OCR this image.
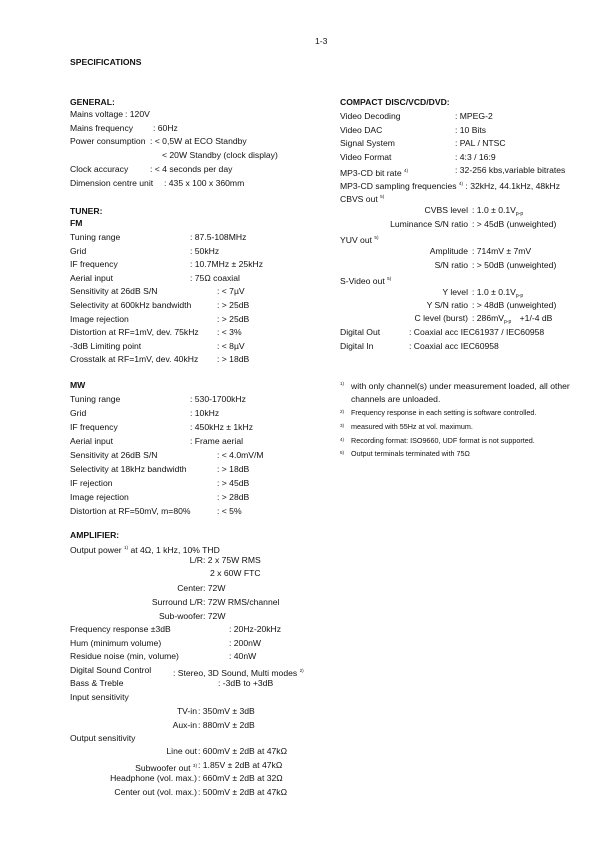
1-3
SPECIFICATIONS
GENERAL:
Mains voltage : 120V
Mains frequency : 60Hz
Power consumption : < 0,5W at ECO Standby
< 20W Standby (clock display)
Clock accuracy	: < 4 seconds per day
Dimension centre unit : 435 x 100 x 360mm
TUNER:
FM
Tuning range	: 87.5-108MHz
Grid	: 50kHz
IF frequency	: 10.7MHz ± 25kHz
Aerial input	: 75Ω coaxial
Sensitivity at 26dB S/N	: < 7µV
Selectivity at 600kHz bandwidth	: > 25dB
Image rejection	: > 25dB
Distortion at RF=1mV, dev. 75kHz : < 3%
-3dB Limiting point	: < 8µV
Crosstalk at RF=1mV, dev. 40kHz : > 18dB
MW
Tuning range	: 530-1700kHz
Grid	: 10kHz
IF frequency	: 450kHz ± 1kHz
Aerial input	: Frame aerial
Sensitivity at 26dB S/N	: < 4.0mV/M
Selectivity at 18kHz bandwidth	: > 18dB
IF rejection	: > 45dB
Image rejection	: > 28dB
Distortion at RF=50mV, m=80%	: < 5%
AMPLIFIER:
Output power $^{1)}$ at 4Ω, 1 kHz, 10% THD
L/R : 2 x 75W RMS
2 x 60W FTC
Center : 72W
Surround L/R : 72W RMS/channel
Sub-woofer : 72W
Frequency response ±3dB	: 20Hz-20kHz
Hum (minimum volume)	: 200nW
Residue noise (min, volume)	: 40nW
Digital Sound Control	: Stereo, 3D Sound, Multi modes $^{2)}$
Bass & Treble	: -3dB to +3dB
Input sensitivity
TV-in : 350mV ± 3dB
Aux-in : 880mV ± 2dB
Output sensitivity
Line out : 600mV ± 2dB at 47kΩ
Subwoofer out $^{3)}$ : 1.85V ± 2dB at 47kΩ
Headphone (vol. max.) : 660mV ± 2dB at 32Ω
Center out (vol. max.) : 500mV ± 2dB at 47kΩ
COMPACT DISC/VCD/DVD:
Video Decoding	: MPEG-2
Video DAC	: 10 Bits
Signal System	: PAL / NTSC
Video Format	: 4:3 / 16:9
MP3-CD bit rate $^{4)}$	: 32-256 kbs,variable bitrates
MP3-CD sampling frequencies $^{4)}$ : 32kHz, 44.1kHz, 48kHz
CBVS out $^{5)}$
CVBS level : $1.0 \pm 0.1V_{p-p}$
Luminance S/N ratio : > 45dB (unweighted)
YUV out $^{5)}$
Amplitude : 714mV ± 7mV
S/N ratio : > 50dB (unweighted)
S-Video out $^{5)}$
Y level : $1.0 \pm 0.1V_{p-p}$
Y S/N ratio : > 48dB (unweighted)
C level (burst) : $286mV_{p-p} +1/-4$ dB
Digital Out	: Coaxial acc IEC61937 / IEC60958
Digital In	: Coaxial acc IEC60958
1) with only channel(s) under measurement loaded, all other
channels are unloaded.
2) Frequency response in each setting is software controlled.
3) measured with 55Hz at vol. maximum.
4) Recording format: ISO9660, UDF format is not supported.
5) Output terminals terminated with 75Ω
